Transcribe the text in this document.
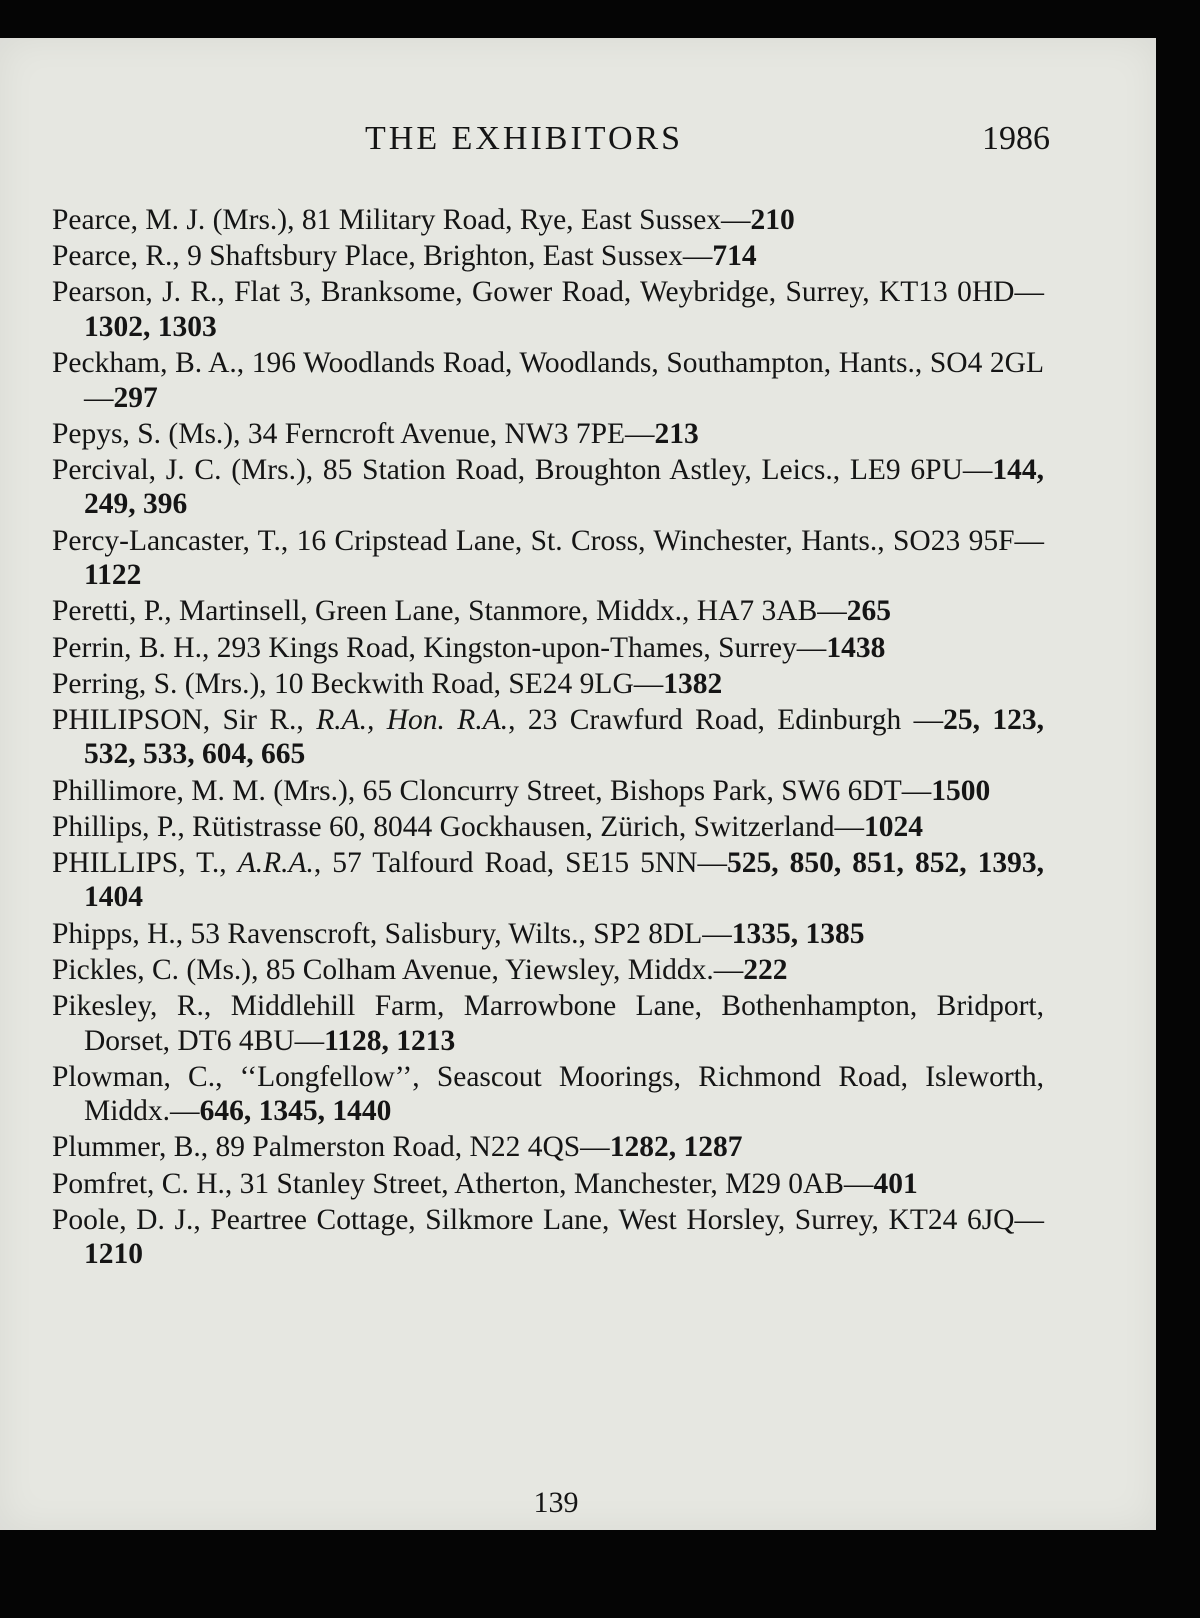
THE EXHIBITORS	1986

Pearce, M. J. (Mrs.), 81 Military Road, Rye, East Sussex—210

Pearce, R., 9 Shaftsbury Place, Brighton, East Sussex—714

Pearson, J. R., Flat 3, Branksome, Gower Road, Weybridge, Surrey, KT13 0HD—1302, 1303

Peckham, B. A., 196 Woodlands Road, Woodlands, Southampton, Hants., SO4 2GL—297

Pepys, S. (Ms.), 34 Ferncroft Avenue, NW3 7PE—213

Percival, J. C. (Mrs.), 85 Station Road, Broughton Astley, Leics., LE9 6PU—144, 249, 396

Percy-Lancaster, T., 16 Cripstead Lane, St. Cross, Winchester, Hants., SO23 95F—1122

Peretti, P., Martinsell, Green Lane, Stanmore, Middx., HA7 3AB—265

Perrin, B. H., 293 Kings Road, Kingston-upon-Thames, Surrey—1438

Perring, S. (Mrs.), 10 Beckwith Road, SE24 9LG—1382

PHILIPSON, Sir R., R.A., Hon. R.A., 23 Crawfurd Road, Edinburgh —25, 123, 532, 533, 604, 665

Phillimore, M. M. (Mrs.), 65 Cloncurry Street, Bishops Park, SW6 6DT—1500

Phillips, P., Rütistrasse 60, 8044 Gockhausen, Zürich, Switzerland—1024

PHILLIPS, T., A.R.A., 57 Talfourd Road, SE15 5NN—525, 850, 851, 852, 1393, 1404

Phipps, H., 53 Ravenscroft, Salisbury, Wilts., SP2 8DL—1335, 1385

Pickles, C. (Ms.), 85 Colham Avenue, Yiewsley, Middx.—222

Pikesley, R., Middlehill Farm, Marrowbone Lane, Bothenhampton, Bridport, Dorset, DT6 4BU—1128, 1213

Plowman, C., ‘‘Longfellow’’, Seascout Moorings, Richmond Road, Isleworth, Middx.—646, 1345, 1440

Plummer, B., 89 Palmerston Road, N22 4QS—1282, 1287

Pomfret, C. H., 31 Stanley Street, Atherton, Manchester, M29 0AB—401

Poole, D. J., Peartree Cottage, Silkmore Lane, West Horsley, Surrey, KT24 6JQ—1210

139
